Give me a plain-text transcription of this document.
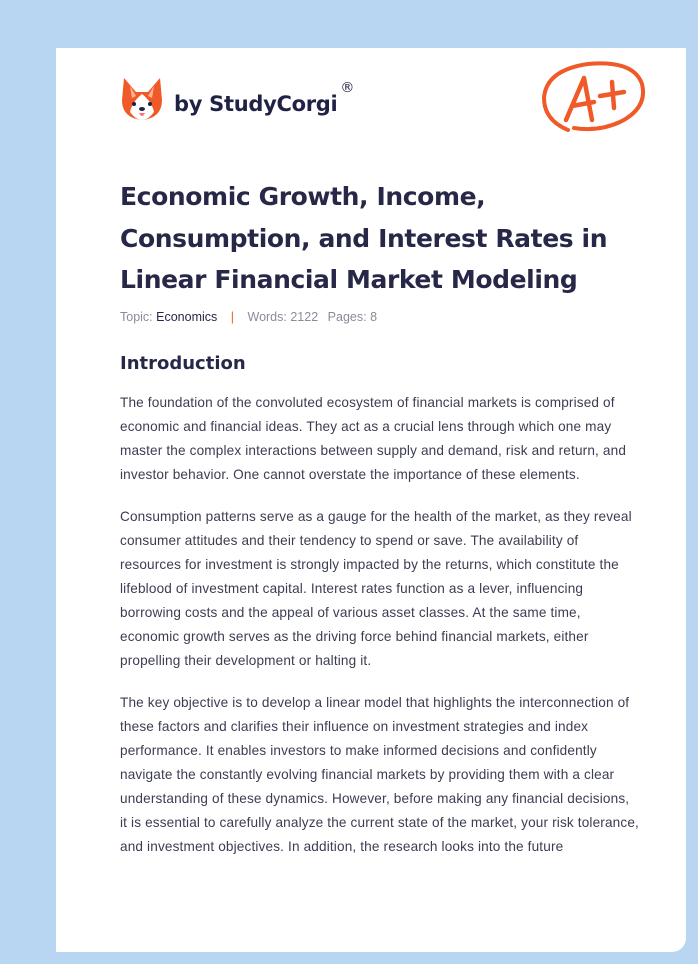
by StudyCorgi
®
Economic Growth, Income, Consumption, and Interest Rates in Linear Financial Market Modeling
Topic: Economics | Words: 2122 Pages: 8
Introduction

The foundation of the convoluted ecosystem of financial markets is comprised of economic and financial ideas. They act as a crucial lens through which one may master the complex interactions between supply and demand, risk and return, and investor behavior. One cannot overstate the importance of these elements.

Consumption patterns serve as a gauge for the health of the market, as they reveal consumer attitudes and their tendency to spend or save. The availability of resources for investment is strongly impacted by the returns, which constitute the lifeblood of investment capital. Interest rates function as a lever, influencing borrowing costs and the appeal of various asset classes. At the same time, economic growth serves as the driving force behind financial markets, either propelling their development or halting it.

The key objective is to develop a linear model that highlights the interconnection of these factors and clarifies their influence on investment strategies and index performance. It enables investors to make informed decisions and confidently navigate the constantly evolving financial markets by providing them with a clear understanding of these dynamics. However, before making any financial decisions, it is essential to carefully analyze the current state of the market, your risk tolerance, and investment objectives. In addition, the research looks into the future
